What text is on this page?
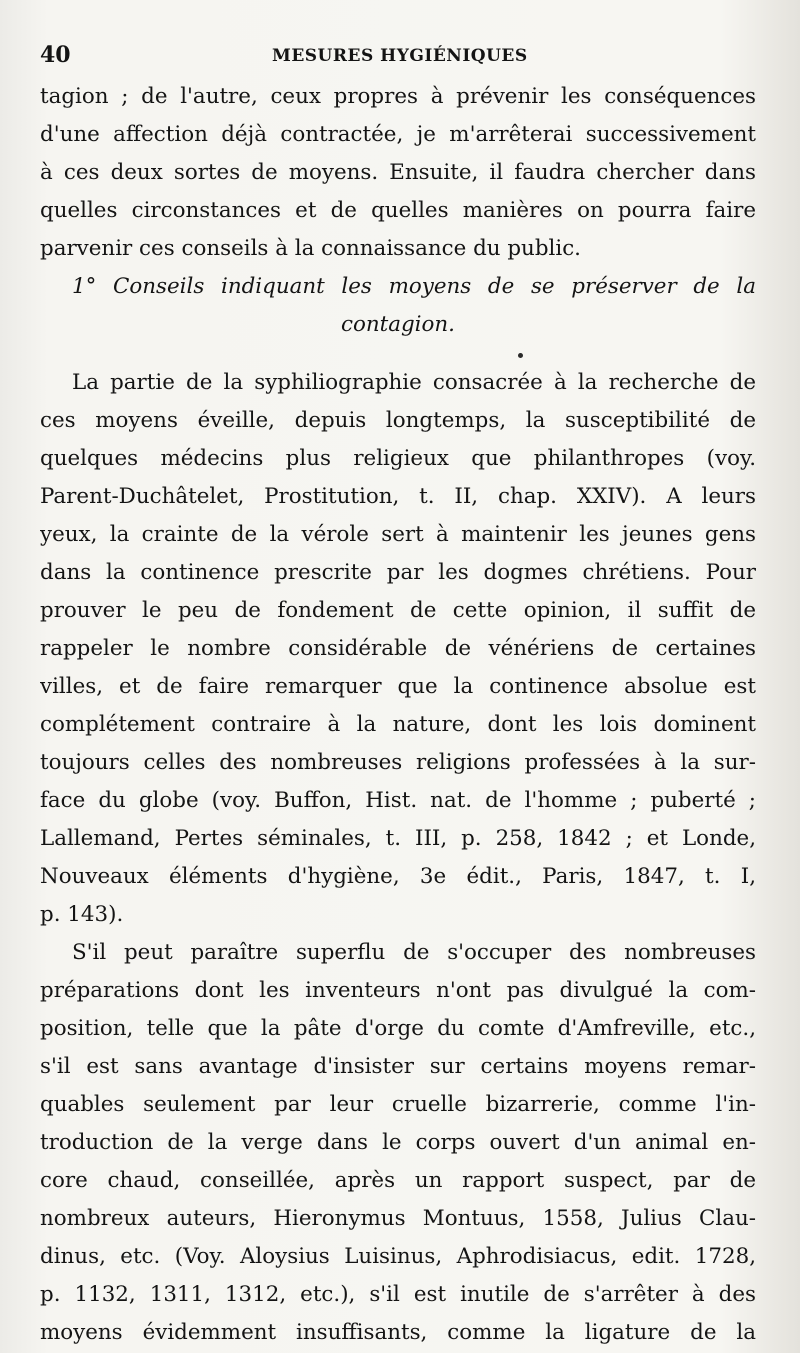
40	MESURES HYGIÉNIQUES
tagion ; de l'autre, ceux propres à prévenir les conséquences
d'une affection déjà contractée, je m'arrêterai successivement
à ces deux sortes de moyens. Ensuite, il faudra chercher dans
quelles circonstances et de quelles manières on pourra faire
parvenir ces conseils à la connaissance du public.
1° Conseils indiquant les moyens de se préserver de la
contagion.
La partie de la syphiliographie consacrée à la recherche de
ces moyens éveille, depuis longtemps, la susceptibilité de
quelques médecins plus religieux que philanthropes (voy.
Parent-Duchâtelet, Prostitution, t. II, chap. XXIV). A leurs
yeux, la crainte de la vérole sert à maintenir les jeunes gens
dans la continence prescrite par les dogmes chrétiens. Pour
prouver le peu de fondement de cette opinion, il suffit de
rappeler le nombre considérable de vénériens de certaines
villes, et de faire remarquer que la continence absolue est
complétement contraire à la nature, dont les lois dominent
toujours celles des nombreuses religions professées à la sur-
face du globe (voy. Buffon, Hist. nat. de l'homme ; puberté ;
Lallemand, Pertes séminales, t. III, p. 258, 1842 ; et Londe,
Nouveaux éléments d'hygiène, 3e édit., Paris, 1847, t. I,
p. 143).
S'il peut paraître superflu de s'occuper des nombreuses
préparations dont les inventeurs n'ont pas divulgué la com-
position, telle que la pâte d'orge du comte d'Amfreville, etc.,
s'il est sans avantage d'insister sur certains moyens remar-
quables seulement par leur cruelle bizarrerie, comme l'in-
troduction de la verge dans le corps ouvert d'un animal en-
core chaud, conseillée, après un rapport suspect, par de
nombreux auteurs, Hieronymus Montuus, 1558, Julius Clau-
dinus, etc. (Voy. Aloysius Luisinus, Aphrodisiacus, edit. 1728,
p. 1132, 1311, 1312, etc.), s'il est inutile de s'arrêter à des
moyens évidemment insuffisants, comme la ligature de la
